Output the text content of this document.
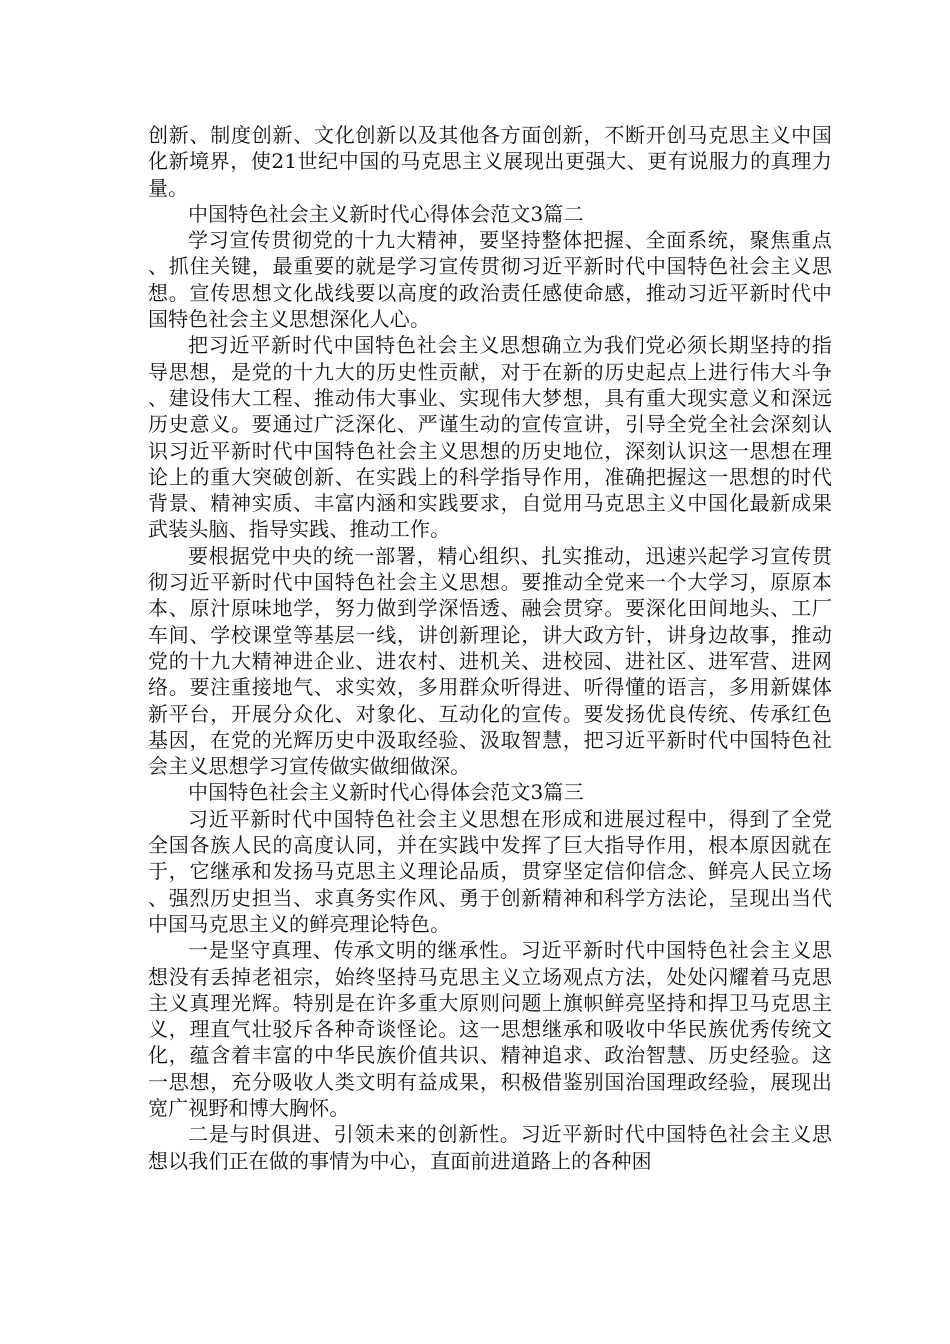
创新、制度创新、文化创新以及其他各方面创新，不断开创马克思主义中国化新境界，使21世纪中国的马克思主义展现出更强大、更有说服力的真理力量。

中国特色社会主义新时代心得体会范文3篇二

学习宣传贯彻党的十九大精神，要坚持整体把握、全面系统，聚焦重点、抓住关键，最重要的就是学习宣传贯彻习近平新时代中国特色社会主义思想。宣传思想文化战线要以高度的政治责任感使命感，推动习近平新时代中国特色社会主义思想深化人心。

把习近平新时代中国特色社会主义思想确立为我们党必须长期坚持的指导思想，是党的十九大的历史性贡献，对于在新的历史起点上进行伟大斗争、建设伟大工程、推动伟大事业、实现伟大梦想，具有重大现实意义和深远历史意义。要通过广泛深化、严谨生动的宣传宣讲，引导全党全社会深刻认识习近平新时代中国特色社会主义思想的历史地位，深刻认识这一思想在理论上的重大突破创新、在实践上的科学指导作用，准确把握这一思想的时代背景、精神实质、丰富内涵和实践要求，自觉用马克思主义中国化最新成果武装头脑、指导实践、推动工作。

要根据党中央的统一部署，精心组织、扎实推动，迅速兴起学习宣传贯彻习近平新时代中国特色社会主义思想。要推动全党来一个大学习，原原本本、原汁原味地学，努力做到学深悟透、融会贯穿。要深化田间地头、工厂车间、学校课堂等基层一线，讲创新理论，讲大政方针，讲身边故事，推动党的十九大精神进企业、进农村、进机关、进校园、进社区、进军营、进网络。要注重接地气、求实效，多用群众听得进、听得懂的语言，多用新媒体新平台，开展分众化、对象化、互动化的宣传。要发扬优良传统、传承红色基因，在党的光辉历史中汲取经验、汲取智慧，把习近平新时代中国特色社会主义思想学习宣传做实做细做深。

中国特色社会主义新时代心得体会范文3篇三

习近平新时代中国特色社会主义思想在形成和进展过程中，得到了全党全国各族人民的高度认同，并在实践中发挥了巨大指导作用，根本原因就在于，它继承和发扬马克思主义理论品质，贯穿坚定信仰信念、鲜亮人民立场、强烈历史担当、求真务实作风、勇于创新精神和科学方法论，呈现出当代中国马克思主义的鲜亮理论特色。

一是坚守真理、传承文明的继承性。习近平新时代中国特色社会主义思想没有丢掉老祖宗，始终坚持马克思主义立场观点方法，处处闪耀着马克思主义真理光辉。特别是在许多重大原则问题上旗帜鲜亮坚持和捍卫马克思主义，理直气壮驳斥各种奇谈怪论。这一思想继承和吸收中华民族优秀传统文化，蕴含着丰富的中华民族价值共识、精神追求、政治智慧、历史经验。这一思想，充分吸收人类文明有益成果，积极借鉴别国治国理政经验，展现出宽广视野和博大胸怀。

二是与时俱进、引领未来的创新性。习近平新时代中国特色社会主义思想以我们正在做的事情为中心，直面前进道路上的各种困
